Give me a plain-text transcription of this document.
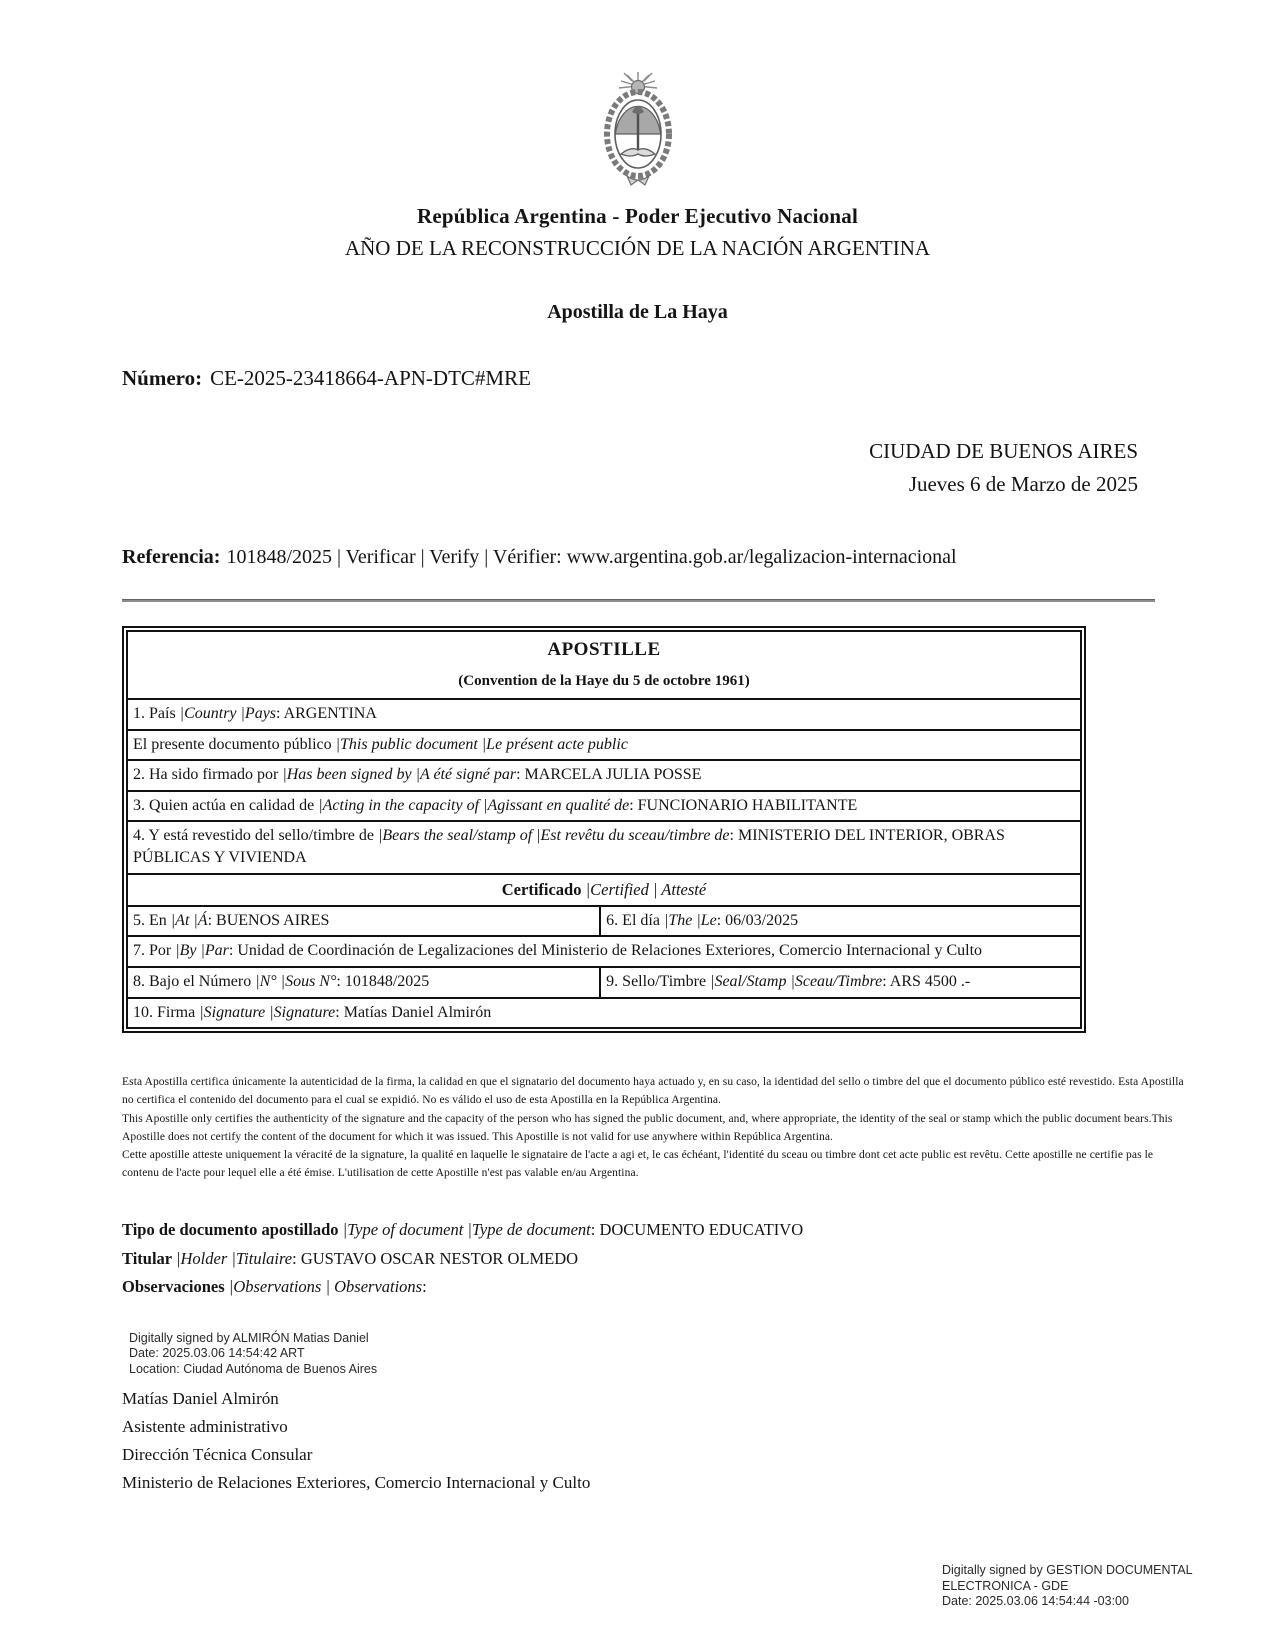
República Argentina - Poder Ejecutivo Nacional
AÑO DE LA RECONSTRUCCIÓN DE LA NACIÓN ARGENTINA
Apostilla de La Haya
Número: CE-2025-23418664-APN-DTC#MRE
CIUDAD DE BUENOS AIRES
Jueves 6 de Marzo de 2025
Referencia: 101848/2025 | Verificar | Verify | Vérifier: www.argentina.gob.ar/legalizacion-internacional
APOSTILLE
(Convention de la Haye du 5 de octobre 1961)	

1. País |Country |Pays: ARGENTINA	
El presente documento público |This public document |Le présent acte public	
2. Ha sido firmado por |Has been signed by |A été signé par: MARCELA JULIA POSSE	
3. Quien actúa en calidad de |Acting in the capacity of |Agissant en qualité de: FUNCIONARIO HABILITANTE	
4. Y está revestido del sello/timbre de |Bears the seal/stamp of |Est revêtu du sceau/timbre de: MINISTERIO DEL INTERIOR, OBRAS PÚBLICAS Y VIVIENDA	
Certificado |Certified | Attesté	
5. En |At |Á: BUENOS AIRES	6. El día |The |Le: 06/03/2025
7. Por |By |Par: Unidad de Coordinación de Legalizaciones del Ministerio de Relaciones Exteriores, Comercio Internacional y Culto	
8. Bajo el Número |N° |Sous N°: 101848/2025	9. Sello/Timbre |Seal/Stamp |Sceau/Timbre: ARS 4500 .-
10. Firma |Signature |Signature: Matías Daniel Almirón	
Esta Apostilla certifica únicamente la autenticidad de la firma, la calidad en que el signatario del documento haya actuado y, en su caso, la identidad del sello o timbre del que el documento público esté revestido. Esta Apostilla no certifica el contenido del documento para el cual se expidió. No es válido el uso de esta Apostilla en la República Argentina.
This Apostille only certifies the authenticity of the signature and the capacity of the person who has signed the public document, and, where appropriate, the identity of the seal or stamp which the public document bears.This Apostille does not certify the content of the document for which it was issued. This Apostille is not valid for use anywhere within República Argentina.
Cette apostille atteste uniquement la véracité de la signature, la qualité en laquelle le signataire de l'acte a agi et, le cas échéant, l'identité du sceau ou timbre dont cet acte public est revêtu. Cette apostille ne certifie pas le contenu de l'acte pour lequel elle a été émise. L'utilisation de cette Apostille n'est pas valable en/au Argentina.
Tipo de documento apostillado |Type of document |Type de document: DOCUMENTO EDUCATIVO
Titular |Holder |Titulaire: GUSTAVO OSCAR NESTOR OLMEDO
Observaciones |Observations | Observations:
Digitally signed by ALMIRÓN Matias Daniel
Date: 2025.03.06 14:54:42 ART
Location: Ciudad Autónoma de Buenos Aires
Matías Daniel Almirón
Asistente administrativo
Dirección Técnica Consular
Ministerio de Relaciones Exteriores, Comercio Internacional y Culto
Digitally signed by GESTION DOCUMENTAL
ELECTRONICA - GDE
Date: 2025.03.06 14:54:44 -03:00
